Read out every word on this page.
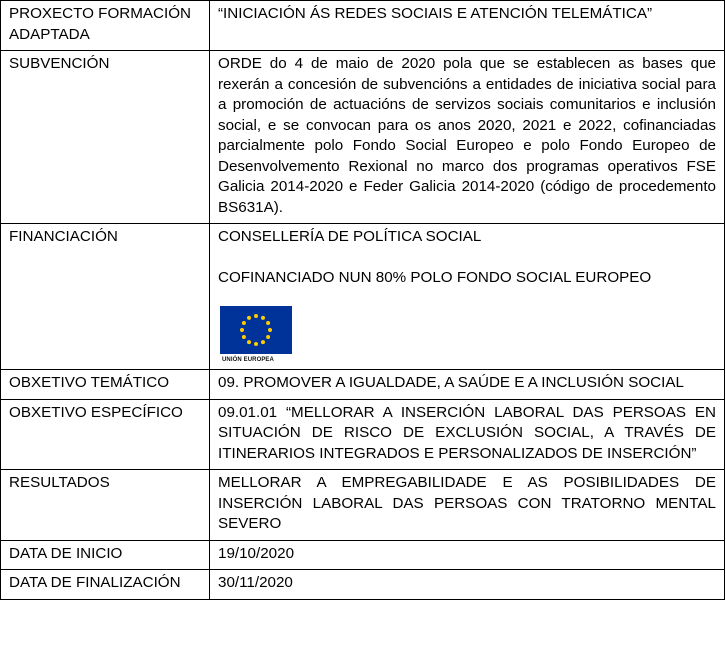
PROXECTO FORMACIÓN ADAPTADA	“INICIACIÓN ÁS REDES SOCIAIS E ATENCIÓN TELEMÁTICA”
SUBVENCIÓN	ORDE do 4 de maio de 2020 pola que se establecen as bases que rexerán a concesión de subvencións a entidades de iniciativa social para a promoción de actuacións de servizos sociais comunitarios e inclusión social, e se convocan para os anos 2020, 2021 e 2022, cofinanciadas parcialmente polo Fondo Social Europeo e polo Fondo Europeo de Desenvolvemento Rexional no marco dos programas operativos FSE Galicia 2014-2020 e Feder Galicia 2014-2020 (código de procedemento BS631A).
FINANCIACIÓN	CONSELLERÍA DE POLÍTICA SOCIAL
COFINANCIADO NUN 80% POLO FONDO SOCIAL EUROPEO
UNIÓN EUROPEA

OBXETIVO TEMÁTICO	09. PROMOVER A IGUALDADE, A SAÚDE E A INCLUSIÓN SOCIAL
OBXETIVO ESPECÍFICO	09.01.01 “MELLORAR A INSERCIÓN LABORAL DAS PERSOAS EN SITUACIÓN DE RISCO DE EXCLUSIÓN SOCIAL, A TRAVÉS DE ITINERARIOS INTEGRADOS E PERSONALIZADOS DE INSERCIÓN”
RESULTADOS	MELLORAR A EMPREGABILIDADE E AS POSIBILIDADES DE INSERCIÓN LABORAL DAS PERSOAS CON TRATORNO MENTAL SEVERO
DATA DE INICIO	19/10/2020
DATA DE FINALIZACIÓN	30/11/2020
